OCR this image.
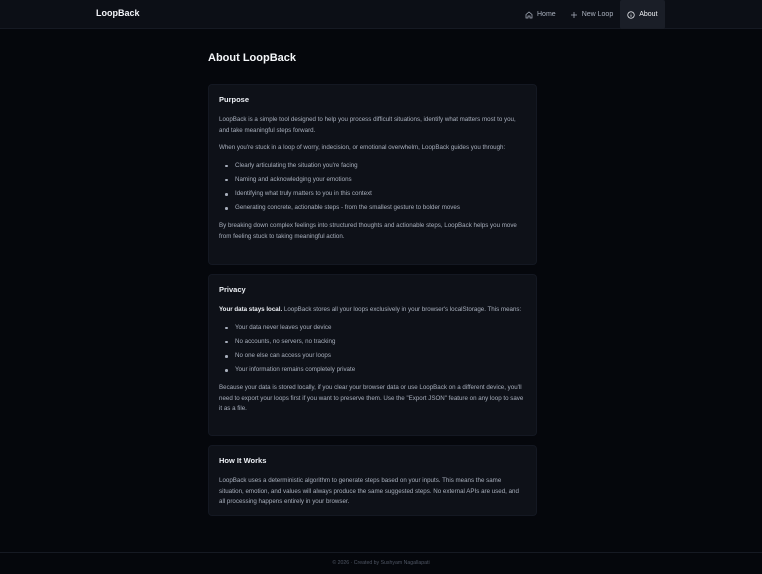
LoopBack	Home	New Loop	About
About LoopBack
Purpose

LoopBack is a simple tool designed to help you process difficult situations, identify what matters most to you, and take meaningful steps forward.

When you're stuck in a loop of worry, indecision, or emotional overwhelm, LoopBack guides you through:

Clearly articulating the situation you're facing
Naming and acknowledging your emotions
Identifying what truly matters to you in this context
Generating concrete, actionable steps - from the smallest gesture to bolder moves

By breaking down complex feelings into structured thoughts and actionable steps, LoopBack helps you move from feeling stuck to taking meaningful action.

Privacy

Your data stays local. LoopBack stores all your loops exclusively in your browser's localStorage. This means:

Your data never leaves your device
No accounts, no servers, no tracking
No one else can access your loops
Your information remains completely private

Because your data is stored locally, if you clear your browser data or use LoopBack on a different device, you'll need to export your loops first if you want to preserve them. Use the "Export JSON" feature on any loop to save it as a file.

How It Works

LoopBack uses a deterministic algorithm to generate steps based on your inputs. This means the same situation, emotion, and values will always produce the same suggested steps. No external APIs are used, and all processing happens entirely in your browser.

© 2026 · Created by Sushyam Nagallapati
